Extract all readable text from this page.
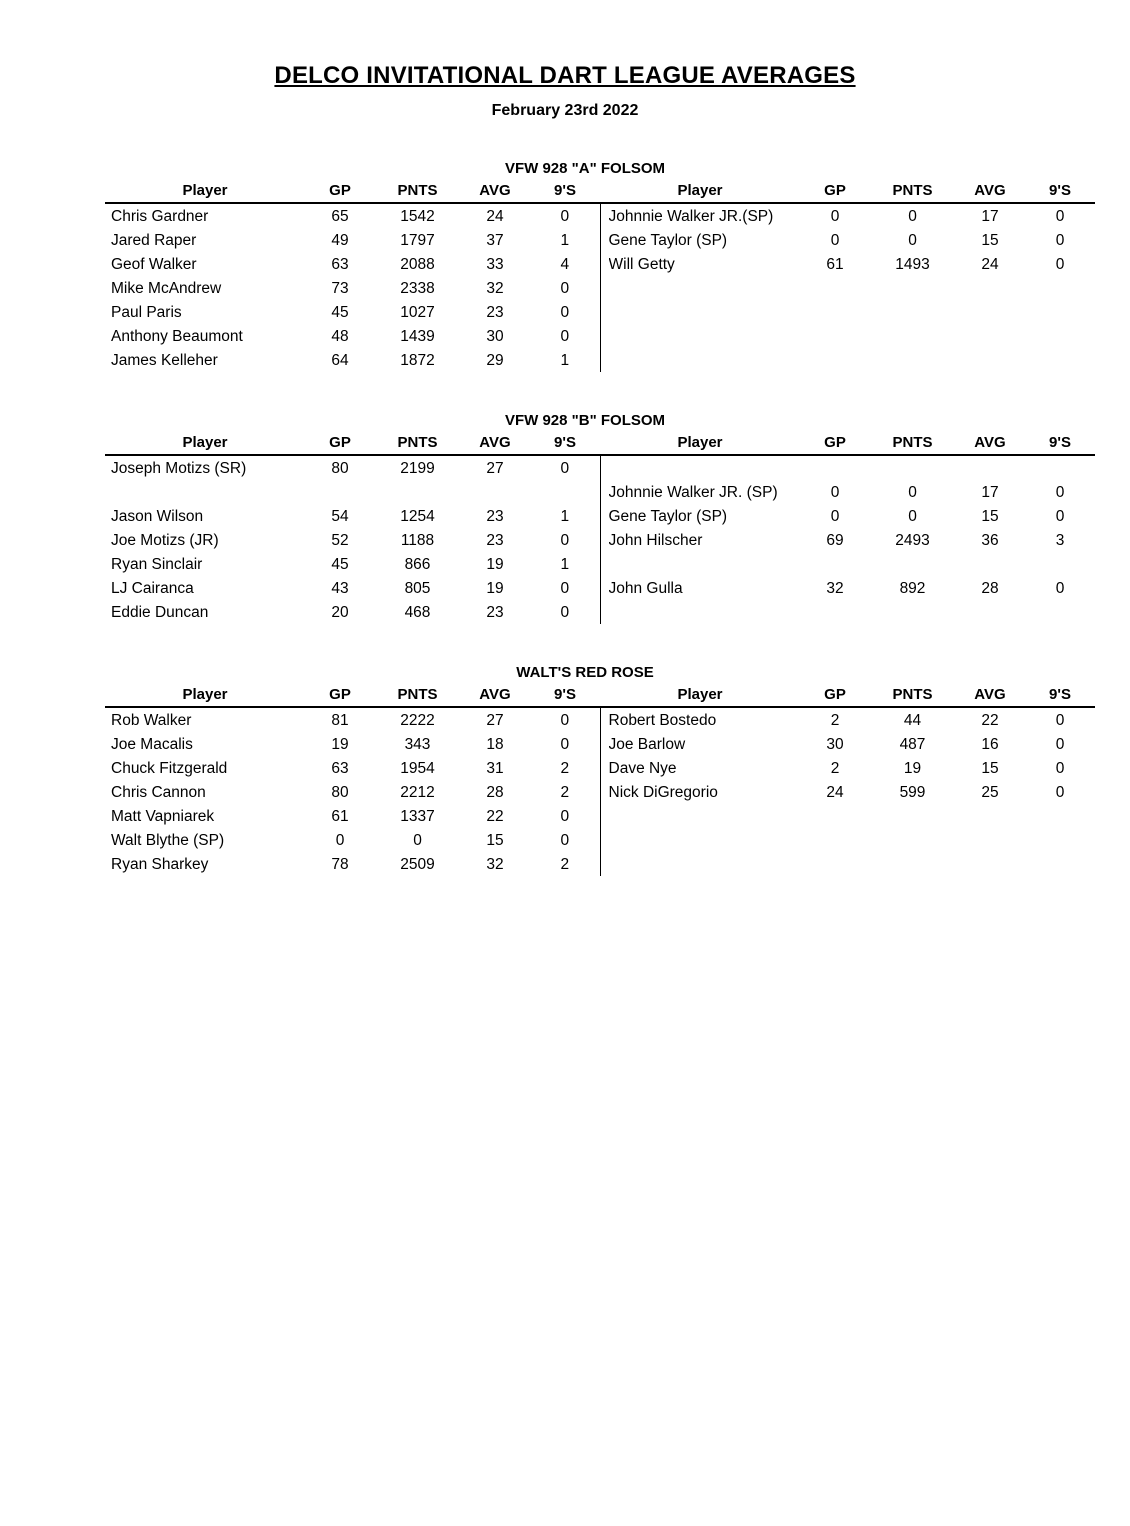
DELCO INVITATIONAL DART LEAGUE AVERAGES
February 23rd 2022
VFW 928 "A" FOLSOM
Player	GP	PNTS	AVG	9'S	Player	GP	PNTS	AVG	9'S
Chris Gardner	65	1542	24	0	Johnnie Walker JR.(SP)	0	0	17	0
Jared Raper	49	1797	37	1	Gene Taylor (SP)	0	0	15	0
Geof Walker	63	2088	33	4	Will Getty	61	1493	24	0
Mike McAndrew	73	2338	32	0	

Paul Paris	45	1027	23	0	

Anthony Beaumont	48	1439	30	0	

James Kelleher	64	1872	29	1	

VFW 928 "B" FOLSOM
Player	GP	PNTS	AVG	9'S	Player	GP	PNTS	AVG	9'S
Joseph Motizs (SR)	80	2199	27	0	

					Johnnie Walker JR. (SP)	0	0	17	0
Jason Wilson	54	1254	23	1	Gene Taylor (SP)	0	0	15	0
Joe Motizs (JR)	52	1188	23	0	John Hilscher	69	2493	36	3
Ryan Sinclair	45	866	19	1	

LJ Cairanca	43	805	19	0	John Gulla	32	892	28	0
Eddie Duncan	20	468	23	0	

WALT'S RED ROSE
Player	GP	PNTS	AVG	9'S	Player	GP	PNTS	AVG	9'S
Rob Walker	81	2222	27	0	Robert Bostedo	2	44	22	0
Joe Macalis	19	343	18	0	Joe Barlow	30	487	16	0
Chuck Fitzgerald	63	1954	31	2	Dave Nye	2	19	15	0
Chris Cannon	80	2212	28	2	Nick DiGregorio	24	599	25	0
Matt Vapniarek	61	1337	22	0	

Walt Blythe (SP)	0	0	15	0	

Ryan Sharkey	78	2509	32	2	
